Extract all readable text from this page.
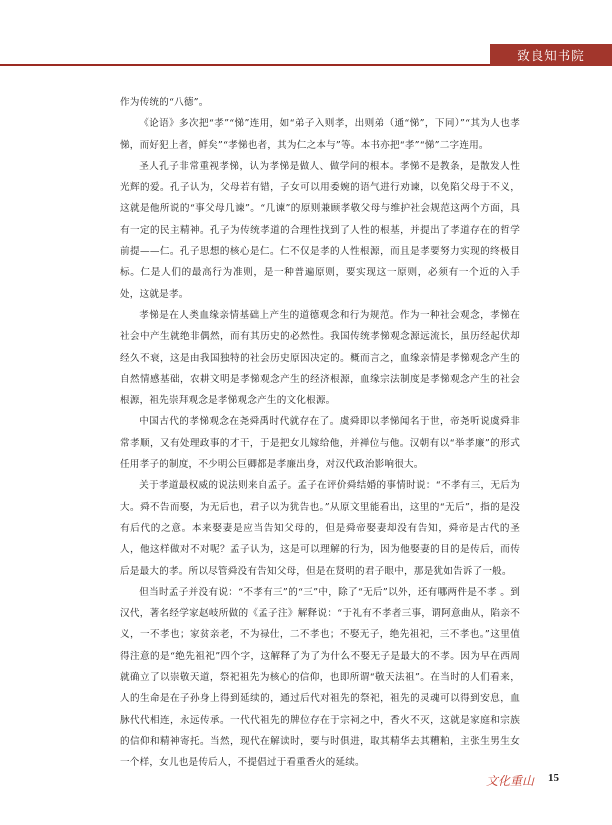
致良知书院

作为传统的“八德”。

《论语》多次把“孝”“悌”连用，如“弟子入则孝，出则弟（通“悌”，下同）”“其为人也孝悌，而好犯上者，鲜矣”“孝悌也者，其为仁之本与”等。本书亦把“孝”“悌”二字连用。

圣人孔子非常重视孝悌，认为孝悌是做人、做学问的根本。孝悌不是教条，是散发人性光辉的爱。孔子认为，父母若有错，子女可以用委婉的语气进行劝谏，以免陷父母于不义，这就是他所说的“事父母几谏”。“几谏”的原则兼顾孝敬父母与维护社会规范这两个方面，具有一定的民主精神。孔子为传统孝道的合理性找到了人性的根基，并提出了孝道存在的哲学前提——仁。孔子思想的核心是仁。仁不仅是孝的人性根源，而且是孝要努力实现的终极目标。仁是人们的最高行为准则，是一种普遍原则，要实现这一原则，必须有一个近的入手处，这就是孝。

孝悌是在人类血缘亲情基础上产生的道德观念和行为规范。作为一种社会观念，孝悌在社会中产生就绝非偶然，而有其历史的必然性。我国传统孝悌观念源远流长，虽历经起伏却经久不衰，这是由我国独特的社会历史原因决定的。概而言之，血缘亲情是孝悌观念产生的自然情感基础，农耕文明是孝悌观念产生的经济根源，血缘宗法制度是孝悌观念产生的社会根源，祖先崇拜观念是孝悌观念产生的文化根源。

中国古代的孝悌观念在尧舜禹时代就存在了。虞舜即以孝悌闻名于世，帝尧听说虞舜非常孝顺，又有处理政事的才干，于是把女儿嫁给他，并禅位与他。汉朝有以“举孝廉”的形式任用孝子的制度，不少明公巨卿都是孝廉出身，对汉代政治影响很大。

关于孝道最权威的说法则来自孟子。孟子在评价舜结婚的事情时说：“不孝有三，无后为大。舜不告而娶，为无后也，君子以为犹告也。”从原文里能看出，这里的“无后”，指的是没有后代的之意。本来娶妻是应当告知父母的，但是舜帝娶妻却没有告知，舜帝是古代的圣人，他这样做对不对呢？孟子认为，这是可以理解的行为，因为他娶妻的目的是传后，而传后是最大的孝。所以尽管舜没有告知父母，但是在贤明的君子眼中，那是犹如告诉了一般。

但当时孟子并没有说：“不孝有三”的“三”中，除了“无后”以外，还有哪两件是不孝 。到汉代，著名经学家赵岐所做的《孟子注》解释说：“于礼有不孝者三事，谓阿意曲从，陷亲不义，一不孝也；家贫亲老，不为禄仕，二不孝也；不娶无子，绝先祖祀，三不孝也。”这里值得注意的是“绝先祖祀”四个字，这解释了为了为什么不娶无子是最大的不孝。因为早在西周就确立了以崇敬天道，祭祀祖先为核心的信仰，也即所谓“敬天法祖”。在当时的人们看来，人的生命是在子孙身上得到延续的，通过后代对祖先的祭祀，祖先的灵魂可以得到安息，血脉代代相连，永远传承。一代代祖先的牌位存在于宗祠之中，香火不灭，这就是家庭和宗族的信仰和精神寄托。当然，现代在解读时，要与时俱进，取其精华去其糟粕，主张生男生女一个样，女儿也是传后人，不提倡过于看重香火的延续。

文化重山 15
